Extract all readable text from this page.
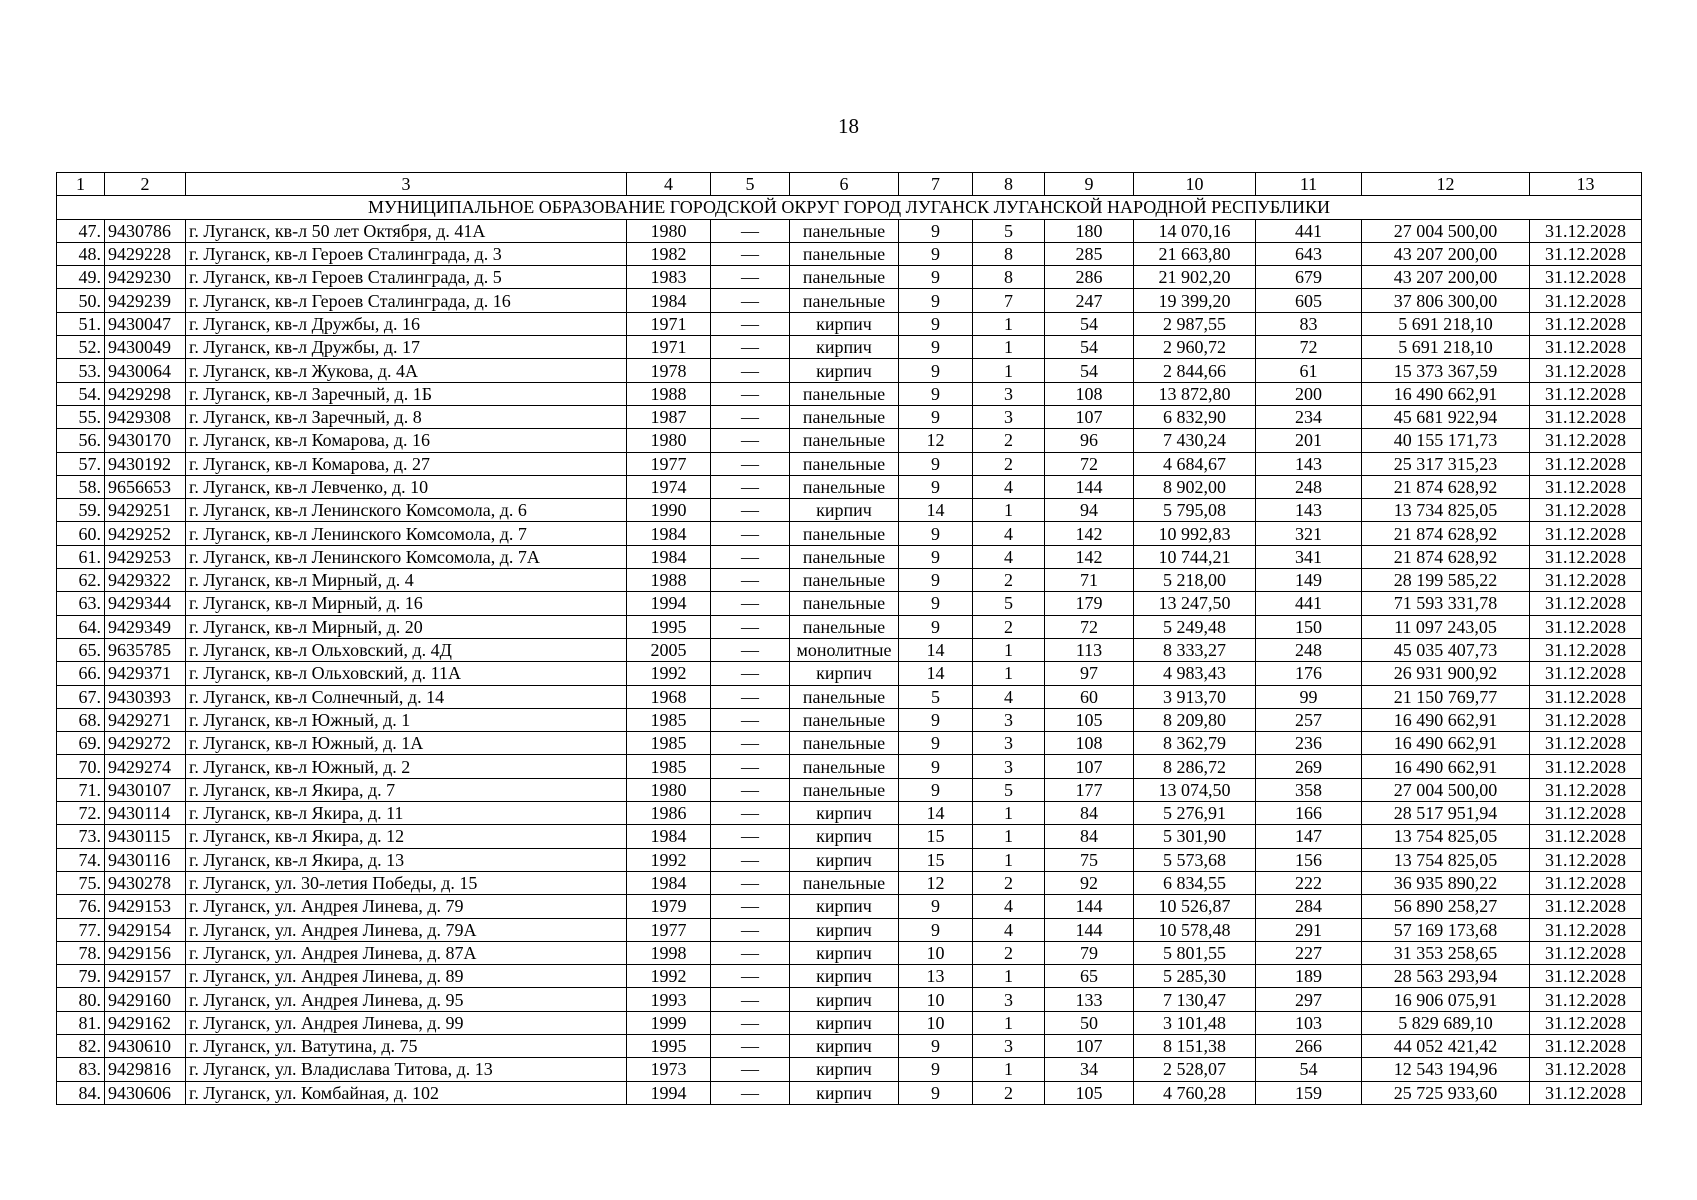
18
1	2	3	4	5	6	7	8	9	10	11	12	13
МУНИЦИПАЛЬНОЕ ОБРАЗОВАНИЕ ГОРОДСКОЙ ОКРУГ ГОРОД ЛУГАНСК ЛУГАНСКОЙ НАРОДНОЙ РЕСПУБЛИКИ												
47.	9430786	г. Луганск, кв-л 50 лет Октября, д. 41А	1980	—	панельные	9	5	180	14 070,16	441	27 004 500,00	31.12.2028
48.	9429228	г. Луганск, кв-л Героев Сталинграда, д. 3	1982	—	панельные	9	8	285	21 663,80	643	43 207 200,00	31.12.2028
49.	9429230	г. Луганск, кв-л Героев Сталинграда, д. 5	1983	—	панельные	9	8	286	21 902,20	679	43 207 200,00	31.12.2028
50.	9429239	г. Луганск, кв-л Героев Сталинграда, д. 16	1984	—	панельные	9	7	247	19 399,20	605	37 806 300,00	31.12.2028
51.	9430047	г. Луганск, кв-л Дружбы, д. 16	1971	—	кирпич	9	1	54	2 987,55	83	5 691 218,10	31.12.2028
52.	9430049	г. Луганск, кв-л Дружбы, д. 17	1971	—	кирпич	9	1	54	2 960,72	72	5 691 218,10	31.12.2028
53.	9430064	г. Луганск, кв-л Жукова, д. 4А	1978	—	кирпич	9	1	54	2 844,66	61	15 373 367,59	31.12.2028
54.	9429298	г. Луганск, кв-л Заречный, д. 1Б	1988	—	панельные	9	3	108	13 872,80	200	16 490 662,91	31.12.2028
55.	9429308	г. Луганск, кв-л Заречный, д. 8	1987	—	панельные	9	3	107	6 832,90	234	45 681 922,94	31.12.2028
56.	9430170	г. Луганск, кв-л Комарова, д. 16	1980	—	панельные	12	2	96	7 430,24	201	40 155 171,73	31.12.2028
57.	9430192	г. Луганск, кв-л Комарова, д. 27	1977	—	панельные	9	2	72	4 684,67	143	25 317 315,23	31.12.2028
58.	9656653	г. Луганск, кв-л Левченко, д. 10	1974	—	панельные	9	4	144	8 902,00	248	21 874 628,92	31.12.2028
59.	9429251	г. Луганск, кв-л Ленинского Комсомола, д. 6	1990	—	кирпич	14	1	94	5 795,08	143	13 734 825,05	31.12.2028
60.	9429252	г. Луганск, кв-л Ленинского Комсомола, д. 7	1984	—	панельные	9	4	142	10 992,83	321	21 874 628,92	31.12.2028
61.	9429253	г. Луганск, кв-л Ленинского Комсомола, д. 7А	1984	—	панельные	9	4	142	10 744,21	341	21 874 628,92	31.12.2028
62.	9429322	г. Луганск, кв-л Мирный, д. 4	1988	—	панельные	9	2	71	5 218,00	149	28 199 585,22	31.12.2028
63.	9429344	г. Луганск, кв-л Мирный, д. 16	1994	—	панельные	9	5	179	13 247,50	441	71 593 331,78	31.12.2028
64.	9429349	г. Луганск, кв-л Мирный, д. 20	1995	—	панельные	9	2	72	5 249,48	150	11 097 243,05	31.12.2028
65.	9635785	г. Луганск, кв-л Ольховский, д. 4Д	2005	—	монолитные	14	1	113	8 333,27	248	45 035 407,73	31.12.2028
66.	9429371	г. Луганск, кв-л Ольховский, д. 11А	1992	—	кирпич	14	1	97	4 983,43	176	26 931 900,92	31.12.2028
67.	9430393	г. Луганск, кв-л Солнечный, д. 14	1968	—	панельные	5	4	60	3 913,70	99	21 150 769,77	31.12.2028
68.	9429271	г. Луганск, кв-л Южный, д. 1	1985	—	панельные	9	3	105	8 209,80	257	16 490 662,91	31.12.2028
69.	9429272	г. Луганск, кв-л Южный, д. 1А	1985	—	панельные	9	3	108	8 362,79	236	16 490 662,91	31.12.2028
70.	9429274	г. Луганск, кв-л Южный, д. 2	1985	—	панельные	9	3	107	8 286,72	269	16 490 662,91	31.12.2028
71.	9430107	г. Луганск, кв-л Якира, д. 7	1980	—	панельные	9	5	177	13 074,50	358	27 004 500,00	31.12.2028
72.	9430114	г. Луганск, кв-л Якира, д. 11	1986	—	кирпич	14	1	84	5 276,91	166	28 517 951,94	31.12.2028
73.	9430115	г. Луганск, кв-л Якира, д. 12	1984	—	кирпич	15	1	84	5 301,90	147	13 754 825,05	31.12.2028
74.	9430116	г. Луганск, кв-л Якира, д. 13	1992	—	кирпич	15	1	75	5 573,68	156	13 754 825,05	31.12.2028
75.	9430278	г. Луганск, ул. 30-летия Победы, д. 15	1984	—	панельные	12	2	92	6 834,55	222	36 935 890,22	31.12.2028
76.	9429153	г. Луганск, ул. Андрея Линева, д. 79	1979	—	кирпич	9	4	144	10 526,87	284	56 890 258,27	31.12.2028
77.	9429154	г. Луганск, ул. Андрея Линева, д. 79А	1977	—	кирпич	9	4	144	10 578,48	291	57 169 173,68	31.12.2028
78.	9429156	г. Луганск, ул. Андрея Линева, д. 87А	1998	—	кирпич	10	2	79	5 801,55	227	31 353 258,65	31.12.2028
79.	9429157	г. Луганск, ул. Андрея Линева, д. 89	1992	—	кирпич	13	1	65	5 285,30	189	28 563 293,94	31.12.2028
80.	9429160	г. Луганск, ул. Андрея Линева, д. 95	1993	—	кирпич	10	3	133	7 130,47	297	16 906 075,91	31.12.2028
81.	9429162	г. Луганск, ул. Андрея Линева, д. 99	1999	—	кирпич	10	1	50	3 101,48	103	5 829 689,10	31.12.2028
82.	9430610	г. Луганск, ул. Ватутина, д. 75	1995	—	кирпич	9	3	107	8 151,38	266	44 052 421,42	31.12.2028
83.	9429816	г. Луганск, ул. Владислава Титова, д. 13	1973	—	кирпич	9	1	34	2 528,07	54	12 543 194,96	31.12.2028
84.	9430606	г. Луганск, ул. Комбайная, д. 102	1994	—	кирпич	9	2	105	4 760,28	159	25 725 933,60	31.12.2028
